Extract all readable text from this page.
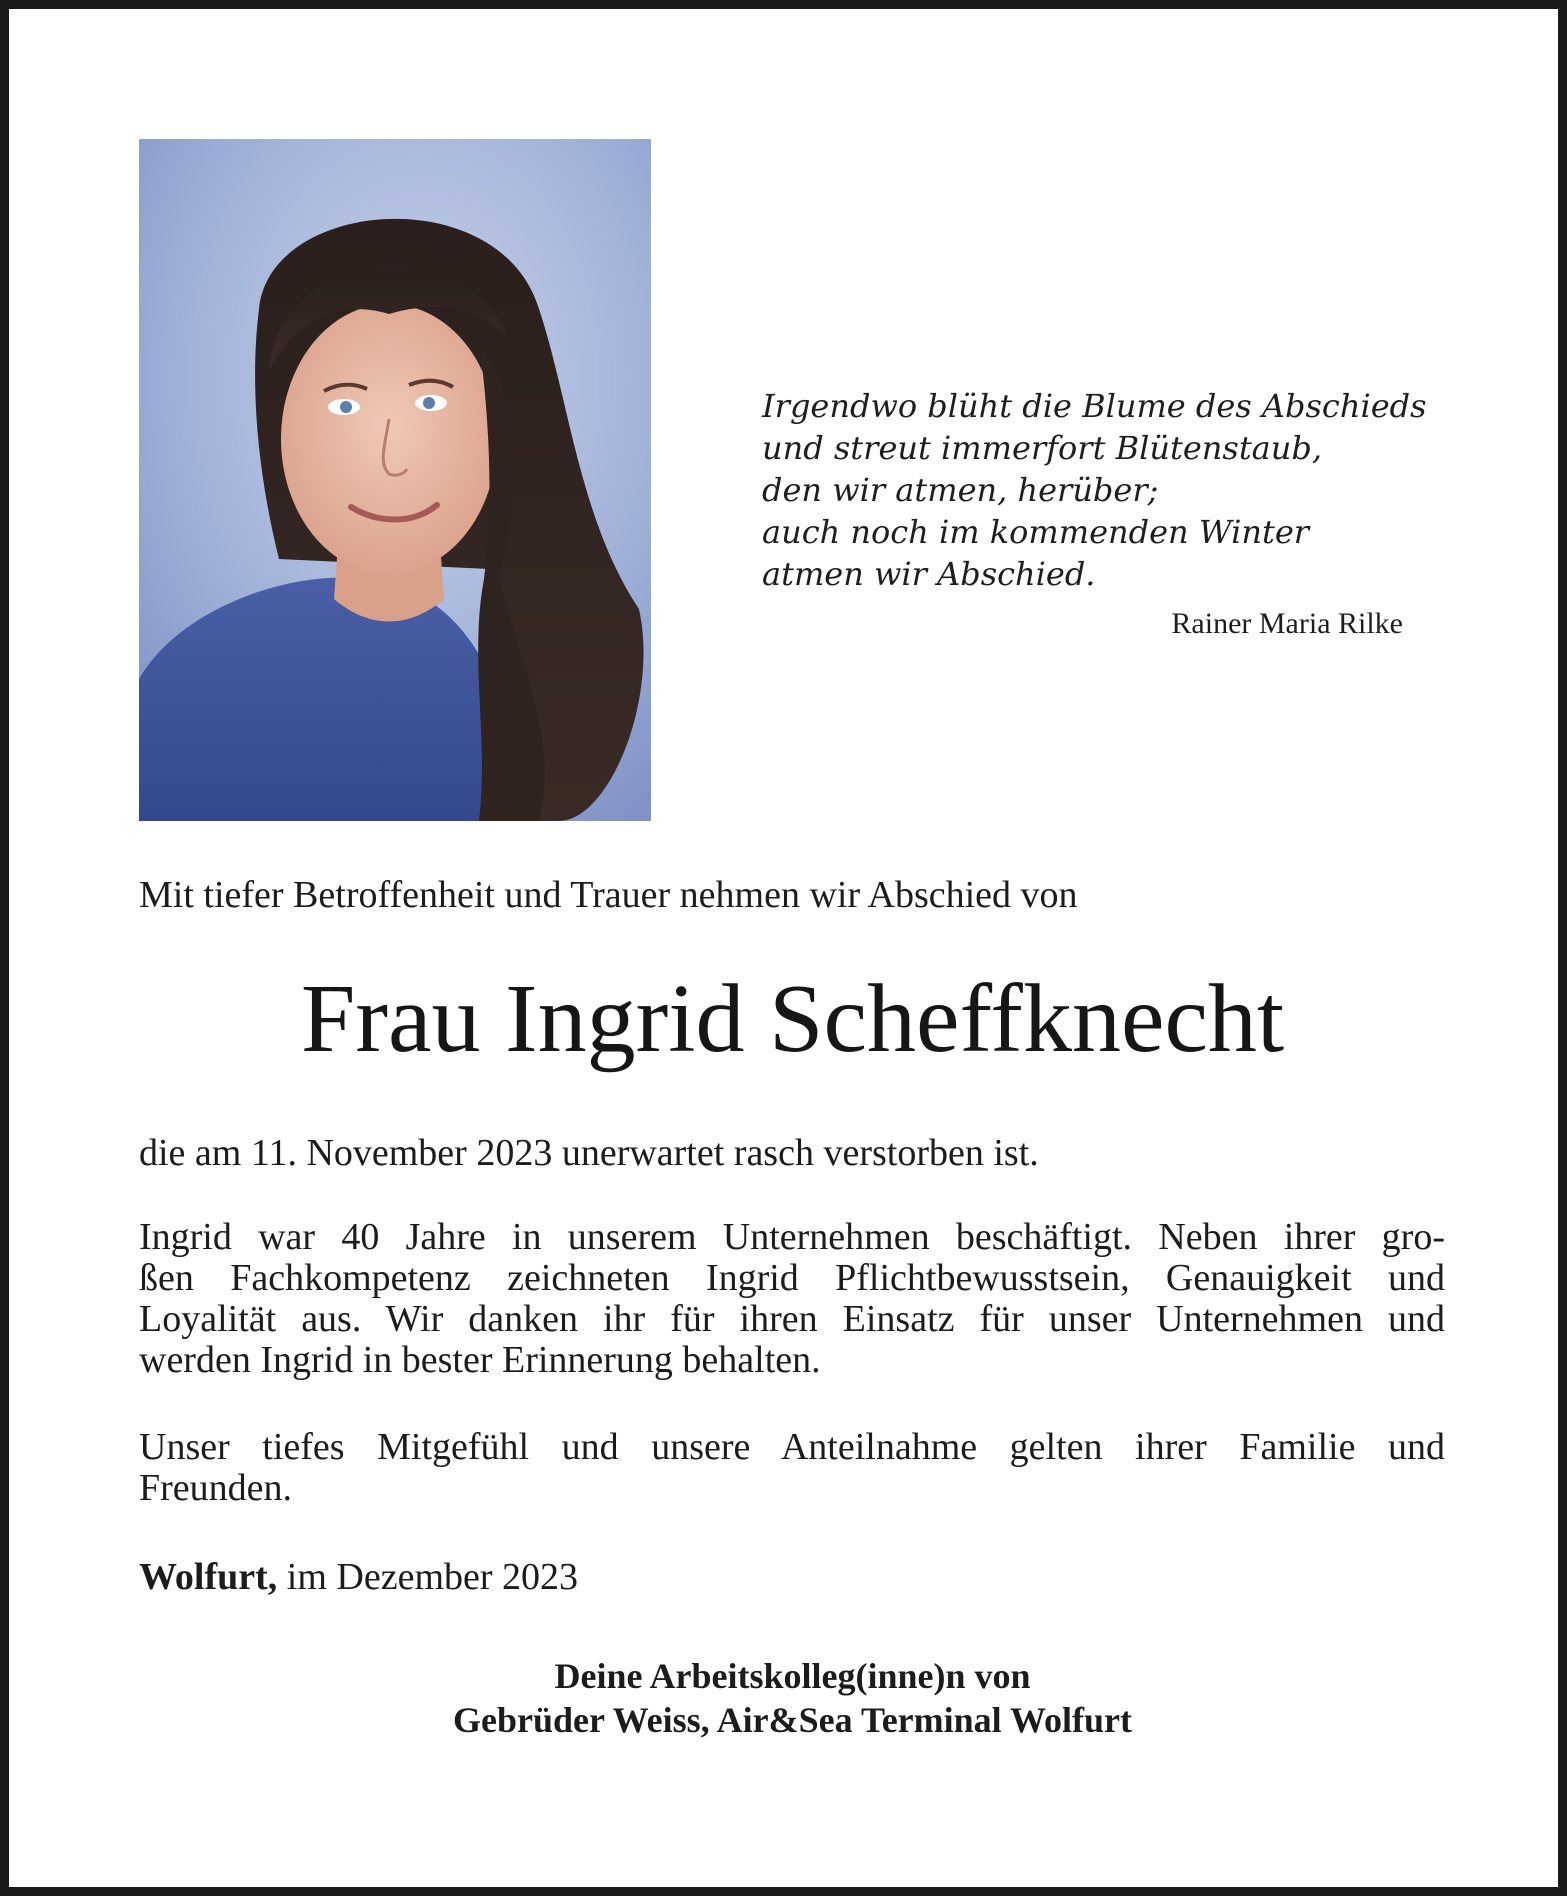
Irgendwo blüht die Blume des Abschieds
und streut immerfort Blütenstaub,
den wir atmen, herüber;
auch noch im kommenden Winter
atmen wir Abschied.
Rainer Maria Rilke
Mit tiefer Betroffenheit und Trauer nehmen wir Abschied von
Frau Ingrid Scheffknecht
die am 11. November 2023 unerwartet rasch verstorben ist.
Ingrid war 40 Jahre in unserem Unternehmen beschäftigt. Neben ihrer gro-
ßen Fachkompetenz zeichneten Ingrid Pflichtbewusstsein, Genauigkeit und
Loyalität aus. Wir danken ihr für ihren Einsatz für unser Unternehmen und
werden Ingrid in bester Erinnerung behalten.
Unser tiefes Mitgefühl und unsere Anteilnahme gelten ihrer Familie und
Freunden.
Wolfurt, im Dezember 2023
Deine Arbeitskolleg(inne)n von
Gebrüder Weiss, Air&Sea Terminal Wolfurt
